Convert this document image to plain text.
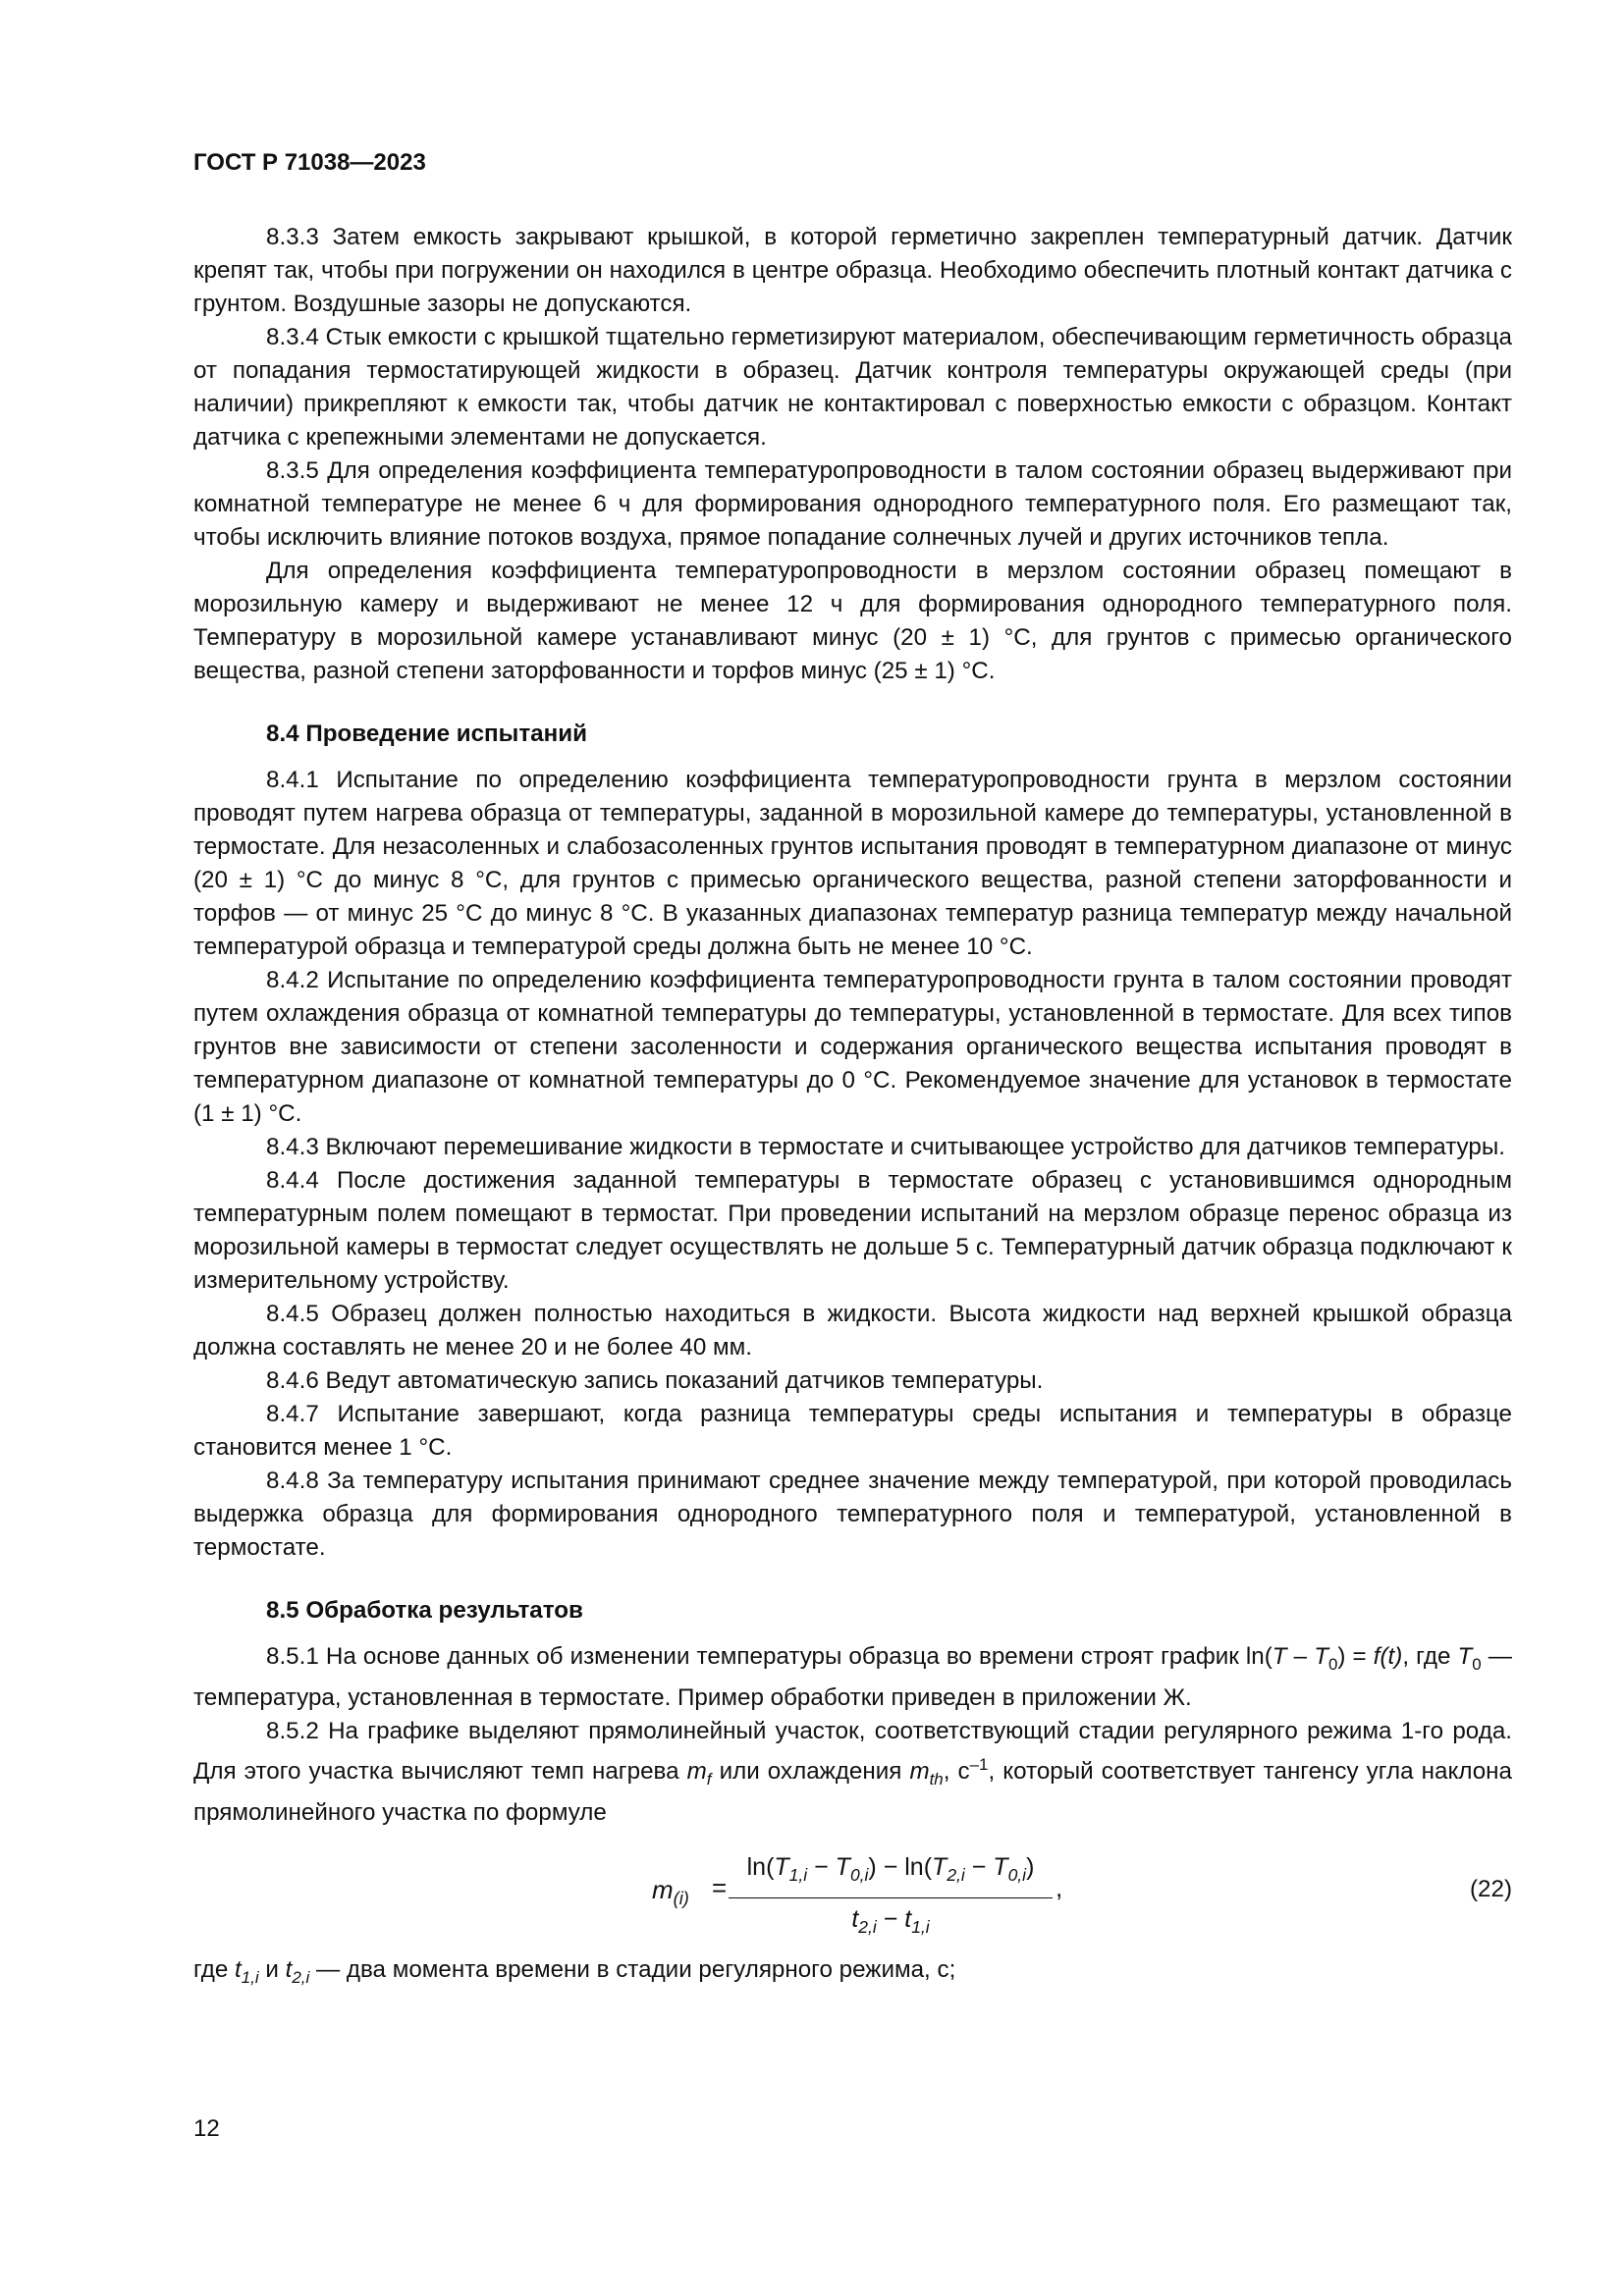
ГОСТ Р 71038—2023

8.3.3 Затем емкость закрывают крышкой, в которой герметично закреплен температурный датчик. Датчик крепят так, чтобы при погружении он находился в центре образца. Необходимо обеспечить плотный контакт датчика с грунтом. Воздушные зазоры не допускаются.

8.3.4 Стык емкости с крышкой тщательно герметизируют материалом, обеспечивающим герметичность образца от попадания термостатирующей жидкости в образец. Датчик контроля температуры окружающей среды (при наличии) прикрепляют к емкости так, чтобы датчик не контактировал с поверхностью емкости с образцом. Контакт датчика с крепежными элементами не допускается.

8.3.5 Для определения коэффициента температуропроводности в талом состоянии образец выдерживают при комнатной температуре не менее 6 ч для формирования однородного температурного поля. Его размещают так, чтобы исключить влияние потоков воздуха, прямое попадание солнечных лучей и других источников тепла.

Для определения коэффициента температуропроводности в мерзлом состоянии образец помещают в морозильную камеру и выдерживают не менее 12 ч для формирования однородного температурного поля. Температуру в морозильной камере устанавливают минус (20 ± 1) °C, для грунтов с примесью органического вещества, разной степени заторфованности и торфов минус (25 ± 1) °C.

8.4 Проведение испытаний

8.4.1 Испытание по определению коэффициента температуропроводности грунта в мерзлом состоянии проводят путем нагрева образца от температуры, заданной в морозильной камере до температуры, установленной в термостате. Для незасоленных и слабозасоленных грунтов испытания проводят в температурном диапазоне от минус (20 ± 1) °C до минус 8 °C, для грунтов с примесью органического вещества, разной степени заторфованности и торфов — от минус 25 °C до минус 8 °C. В указанных диапазонах температур разница температур между начальной температурой образца и температурой среды должна быть не менее 10 °C.

8.4.2 Испытание по определению коэффициента температуропроводности грунта в талом состоянии проводят путем охлаждения образца от комнатной температуры до температуры, установленной в термостате. Для всех типов грунтов вне зависимости от степени засоленности и содержания органического вещества испытания проводят в температурном диапазоне от комнатной температуры до 0 °C. Рекомендуемое значение для установок в термостате (1 ± 1) °C.

8.4.3 Включают перемешивание жидкости в термостате и считывающее устройство для датчиков температуры.

8.4.4 После достижения заданной температуры в термостате образец с установившимся однородным температурным полем помещают в термостат. При проведении испытаний на мерзлом образце перенос образца из морозильной камеры в термостат следует осуществлять не дольше 5 с. Температурный датчик образца подключают к измерительному устройству.

8.4.5 Образец должен полностью находиться в жидкости. Высота жидкости над верхней крышкой образца должна составлять не менее 20 и не более 40 мм.

8.4.6 Ведут автоматическую запись показаний датчиков температуры.

8.4.7 Испытание завершают, когда разница температуры среды испытания и температуры в образце становится менее 1 °C.

8.4.8 За температуру испытания принимают среднее значение между температурой, при которой проводилась выдержка образца для формирования однородного температурного поля и температурой, установленной в термостате.

8.5 Обработка результатов

8.5.1 На основе данных об изменении температуры образца во времени строят график $\ln(T - T_0) = f(t)$, где $T_0$ — температура, установленная в термостате. Пример обработки приведен в приложении Ж.

8.5.2 На графике выделяют прямолинейный участок, соответствующий стадии регулярного режима 1-го рода. Для этого участка вычисляют темп нагрева $m_f$ или охлаждения $m_{th}$, $с^{-1}$, который соответствует тангенсу угла наклона прямолинейного участка по формуле

$m_{(i)} = \frac{\ln(T_{1,i} - T_{0,i}) - \ln(T_{2,i} - T_{0,i})}{t_{2,i} - t_{1,i}}$ ,	(22)

где $t_{1,i}$ и $t_{2,i}$ — два момента времени в стадии регулярного режима, с;

12
